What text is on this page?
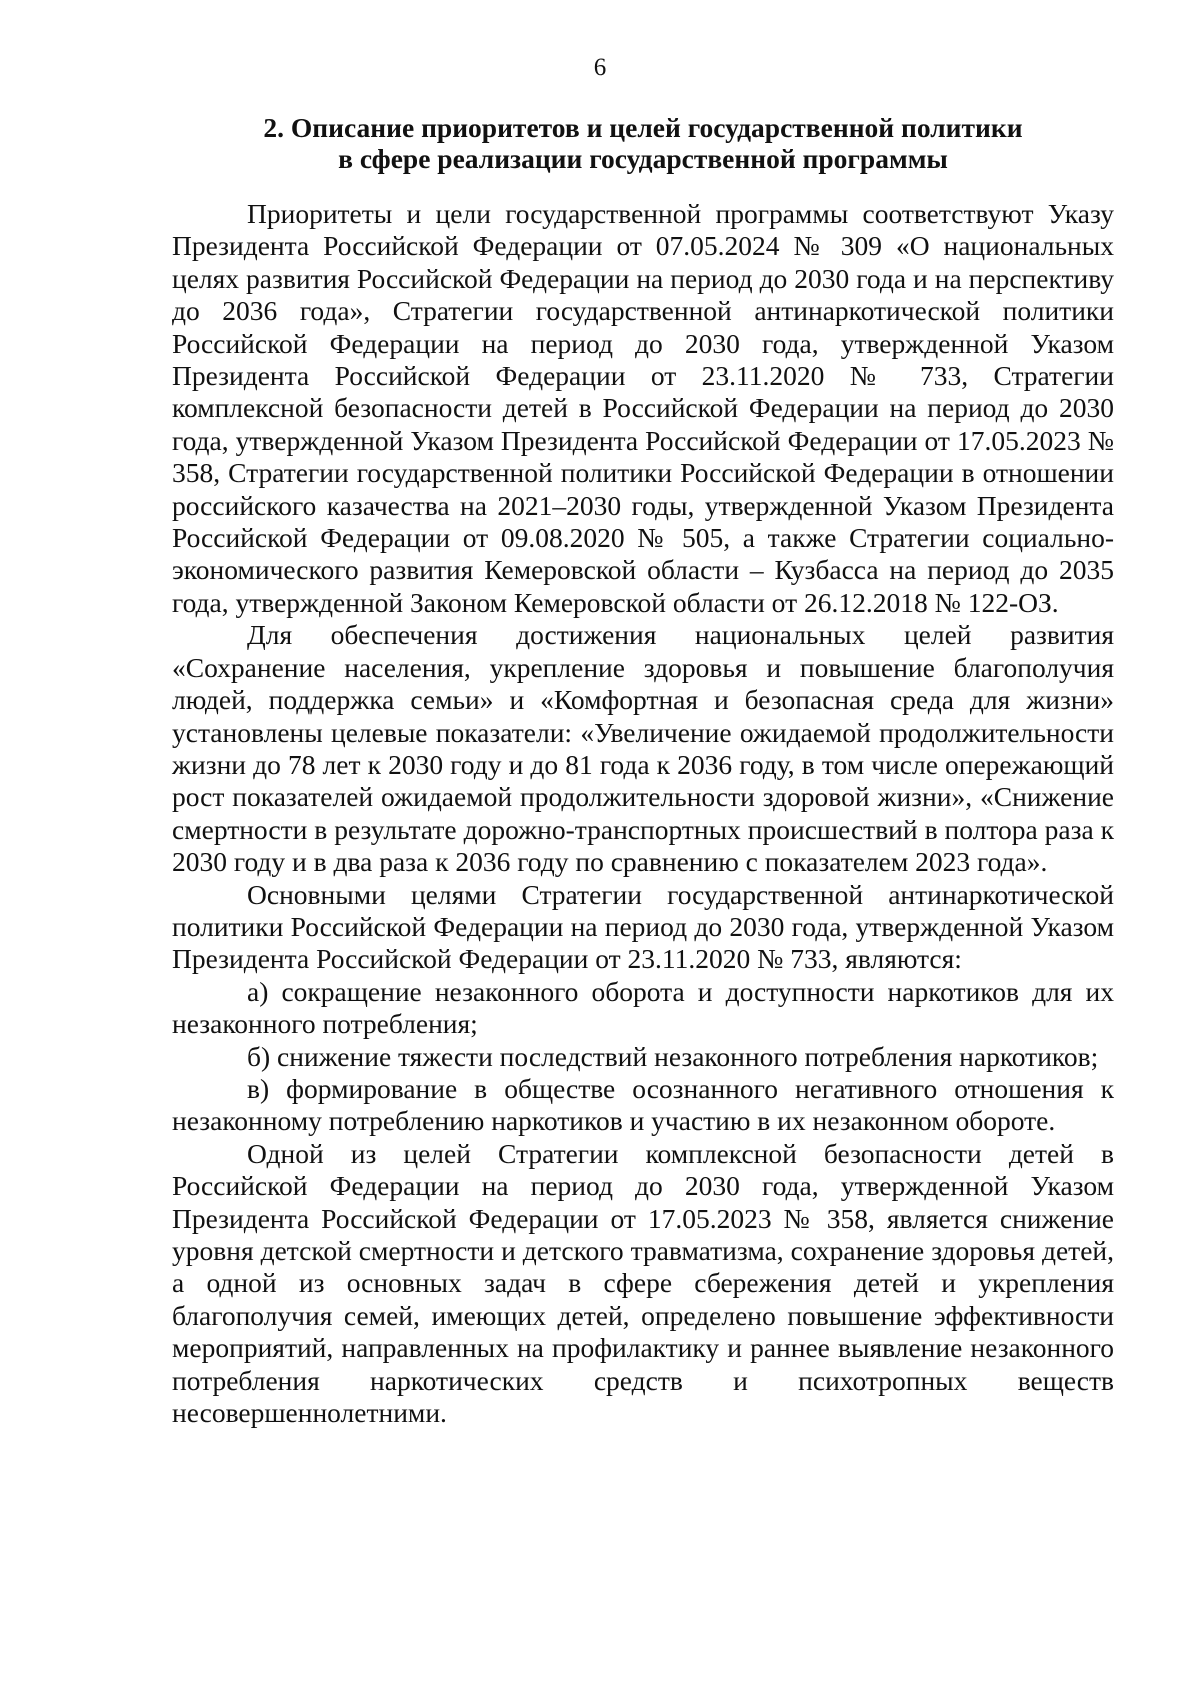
6
2. Описание приоритетов и целей государственной политики
в сфере реализации государственной программы

Приоритеты и цели государственной программы соответствуют Указу Президента Российской Федерации от 07.05.2024 № 309 «О национальных целях развития Российской Федерации на период до 2030 года и на перспективу до 2036 года», Стратегии государственной антинаркотической политики Российской Федерации на период до 2030 года, утвержденной Указом Президента Российской Федерации от 23.11.2020 № 733, Стратегии комплексной безопасности детей в Российской Федерации на период до 2030 года, утвержденной Указом Президента Российской Федерации от 17.05.2023 № 358, Стратегии государственной политики Российской Федерации в отношении российского казачества на 2021–2030 годы, утвержденной Указом Президента Российской Федерации от 09.08.2020 № 505, а также Стратегии социально-экономического развития Кемеровской области – Кузбасса на период до 2035 года, утвержденной Законом Кемеровской области от 26.12.2018 № 122-ОЗ.

Для обеспечения достижения национальных целей развития «Сохранение населения, укрепление здоровья и повышение благополучия людей, поддержка семьи» и «Комфортная и безопасная среда для жизни» установлены целевые показатели: «Увеличение ожидаемой продолжительности жизни до 78 лет к 2030 году и до 81 года к 2036 году, в том числе опережающий рост показателей ожидаемой продолжительности здоровой жизни», «Снижение смертности в результате дорожно-транспортных происшествий в полтора раза к 2030 году и в два раза к 2036 году по сравнению с показателем 2023 года».

Основными целями Стратегии государственной антинаркотической политики Российской Федерации на период до 2030 года, утвержденной Указом Президента Российской Федерации от 23.11.2020 № 733, являются:

а) сокращение незаконного оборота и доступности наркотиков для их незаконного потребления;

б) снижение тяжести последствий незаконного потребления наркотиков;

в) формирование в обществе осознанного негативного отношения к незаконному потреблению наркотиков и участию в их незаконном обороте.

Одной из целей Стратегии комплексной безопасности детей в Российской Федерации на период до 2030 года, утвержденной Указом Президента Российской Федерации от 17.05.2023 № 358, является снижение уровня детской смертности и детского травматизма, сохранение здоровья детей, а одной из основных задач в сфере сбережения детей и укрепления благополучия семей, имеющих детей, определено повышение эффективности мероприятий, направленных на профилактику и раннее выявление незаконного потребления наркотических средств и психотропных веществ несовершеннолетними.
